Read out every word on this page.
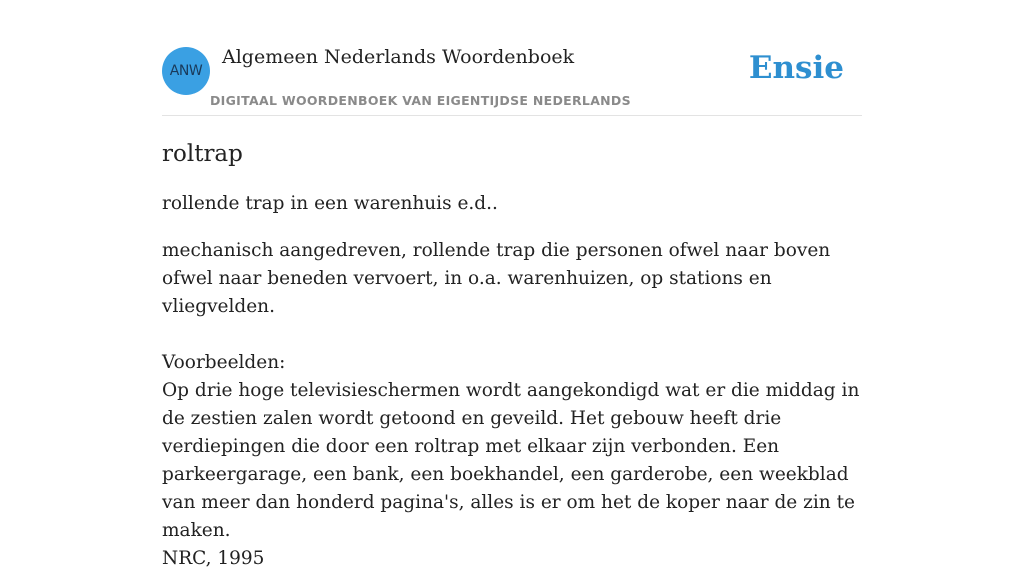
ANW
Algemeen Nederlands Woordenboek
DIGITAAL WOORDENBOEK VAN EIGENTIJDSE NEDERLANDS
Ensie
roltrap

rollende trap in een warenhuis e.d..

mechanisch aangedreven, rollende trap die personen ofwel naar boven ofwel naar beneden vervoert, in o.a. warenhuizen, op stations en vliegvelden.

Voorbeelden:

Op drie hoge televisieschermen wordt aangekondigd wat er die middag in de zestien zalen wordt getoond en geveild. Het gebouw heeft drie verdiepingen die door een roltrap met elkaar zijn verbonden. Een parkeergarage, een bank, een boekhandel, een garderobe, een weekblad van meer dan honderd pagina's, alles is er om het de koper naar de zin te maken.

NRC, 1995
